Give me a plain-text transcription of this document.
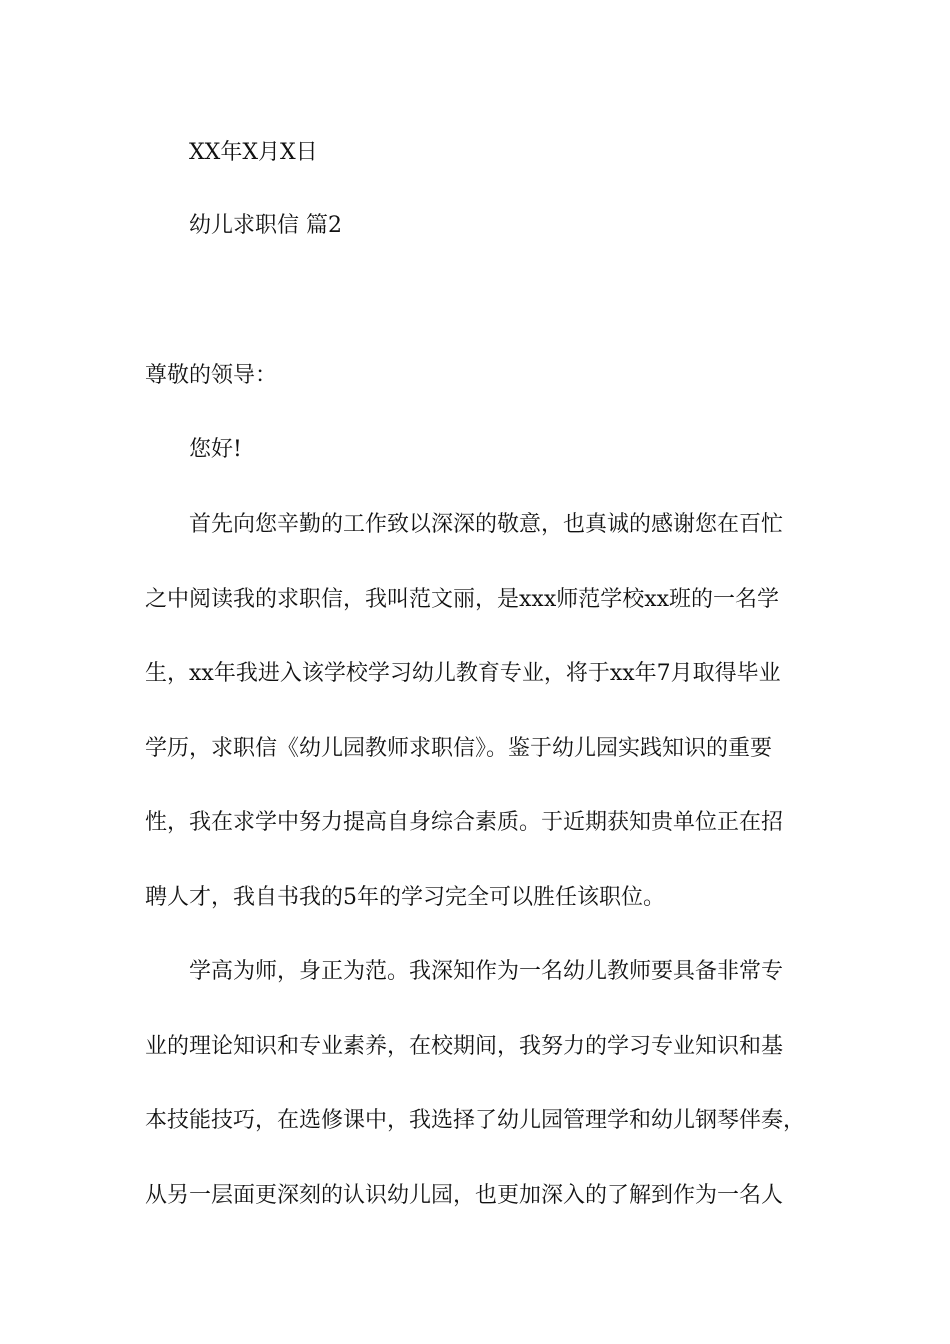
XX年X月X日
幼儿求职信 篇2
尊敬的领导：
您好!
首先向您辛勤的工作致以深深的敬意，也真诚的感谢您在百忙
之中阅读我的求职信，我叫范文丽，是xxx师范学校xx班的一名学
生，xx年我进入该学校学习幼儿教育专业，将于xx年7月取得毕业
学历，求职信《幼儿园教师求职信》。鉴于幼儿园实践知识的重要
性，我在求学中努力提高自身综合素质。于近期获知贵单位正在招
聘人才，我自书我的5年的学习完全可以胜任该职位。
学高为师，身正为范。我深知作为一名幼儿教师要具备非常专
业的理论知识和专业素养，在校期间，我努力的学习专业知识和基
本技能技巧，在选修课中，我选择了幼儿园管理学和幼儿钢琴伴奏，
从另一层面更深刻的认识幼儿园，也更加深入的了解到作为一名人
